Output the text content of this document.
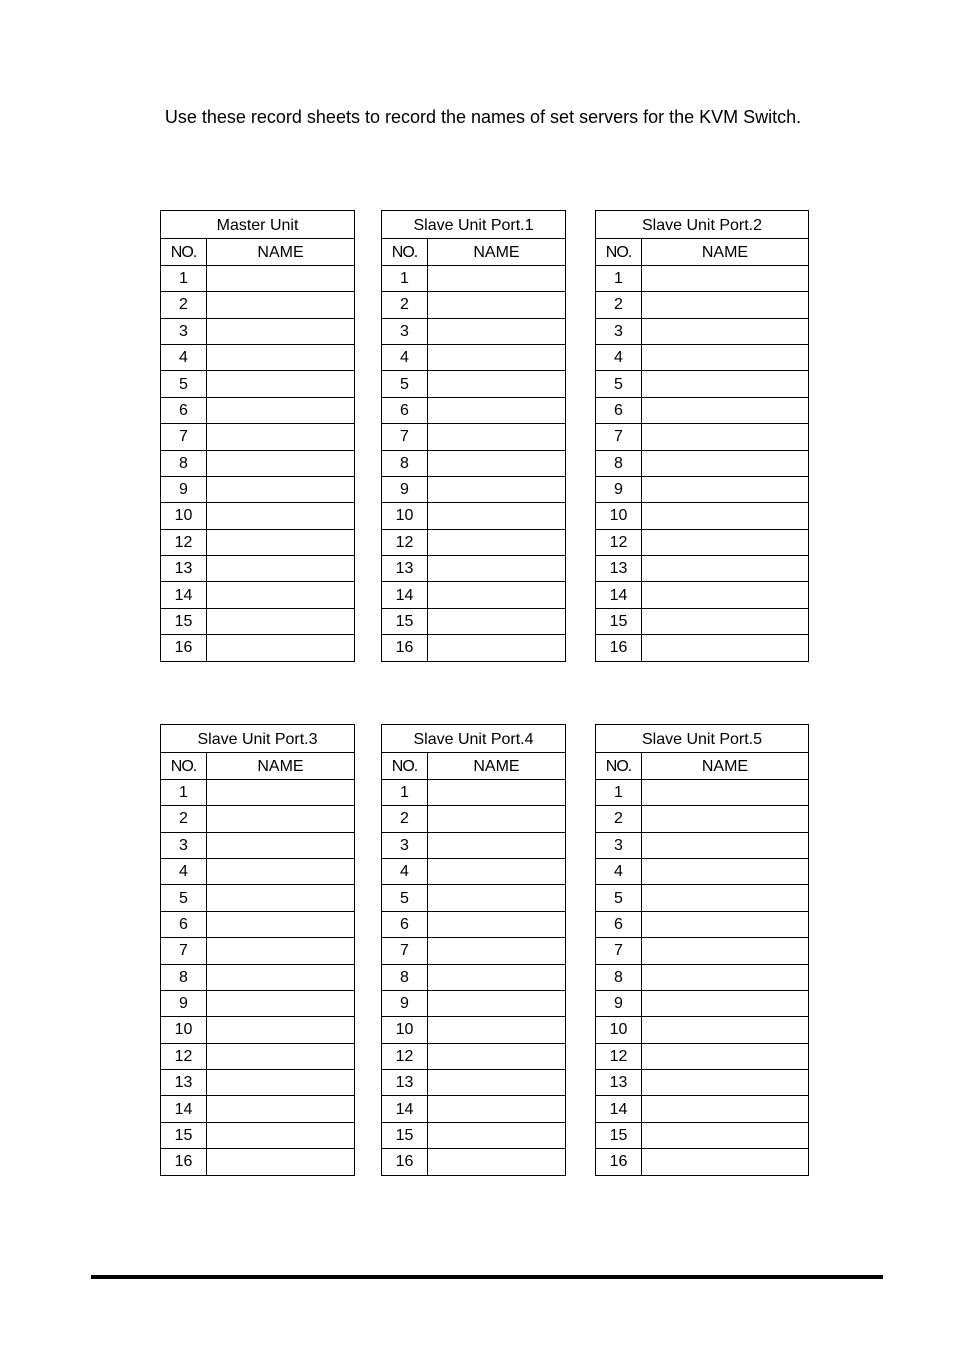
Use these record sheets to record the names of set servers for the KVM Switch.

Master Unit	
NO.	NAME
1	
2	
3	
4	
5	
6	
7	
8	
9	
10	
12	
13	
14	
15	
16	
Slave Unit Port.1	
NO.	NAME
1	
2	
3	
4	
5	
6	
7	
8	
9	
10	
12	
13	
14	
15	
16	
Slave Unit Port.2	
NO.	NAME
1	
2	
3	
4	
5	
6	
7	
8	
9	
10	
12	
13	
14	
15	
16	
Slave Unit Port.3	
NO.	NAME
1	
2	
3	
4	
5	
6	
7	
8	
9	
10	
12	
13	
14	
15	
16	
Slave Unit Port.4	
NO.	NAME
1	
2	
3	
4	
5	
6	
7	
8	
9	
10	
12	
13	
14	
15	
16	
Slave Unit Port.5	
NO.	NAME
1	
2	
3	
4	
5	
6	
7	
8	
9	
10	
12	
13	
14	
15	
16	
